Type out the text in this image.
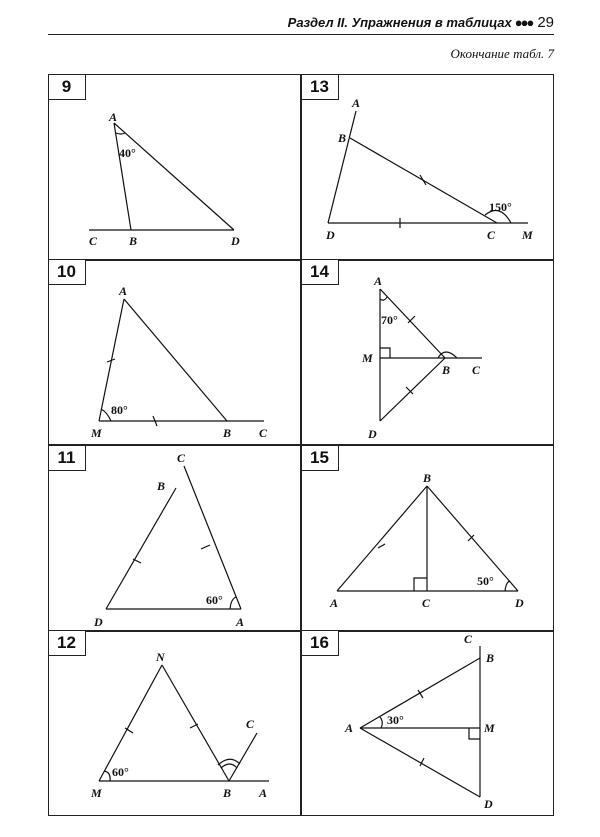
Раздел II. Упражнения в таблицах ●●● 29
Окончание табл. 7
A
C	B	D
40°
9
A
B
D	C M
150°
13
A
M	B C
80°
10	A
M
B C
D
70°
14
C
B
D	A
60°
11
B
A	C	D
50°
15
N
C
M	B A
60°
12	C
B
A	M
D
30°
16
